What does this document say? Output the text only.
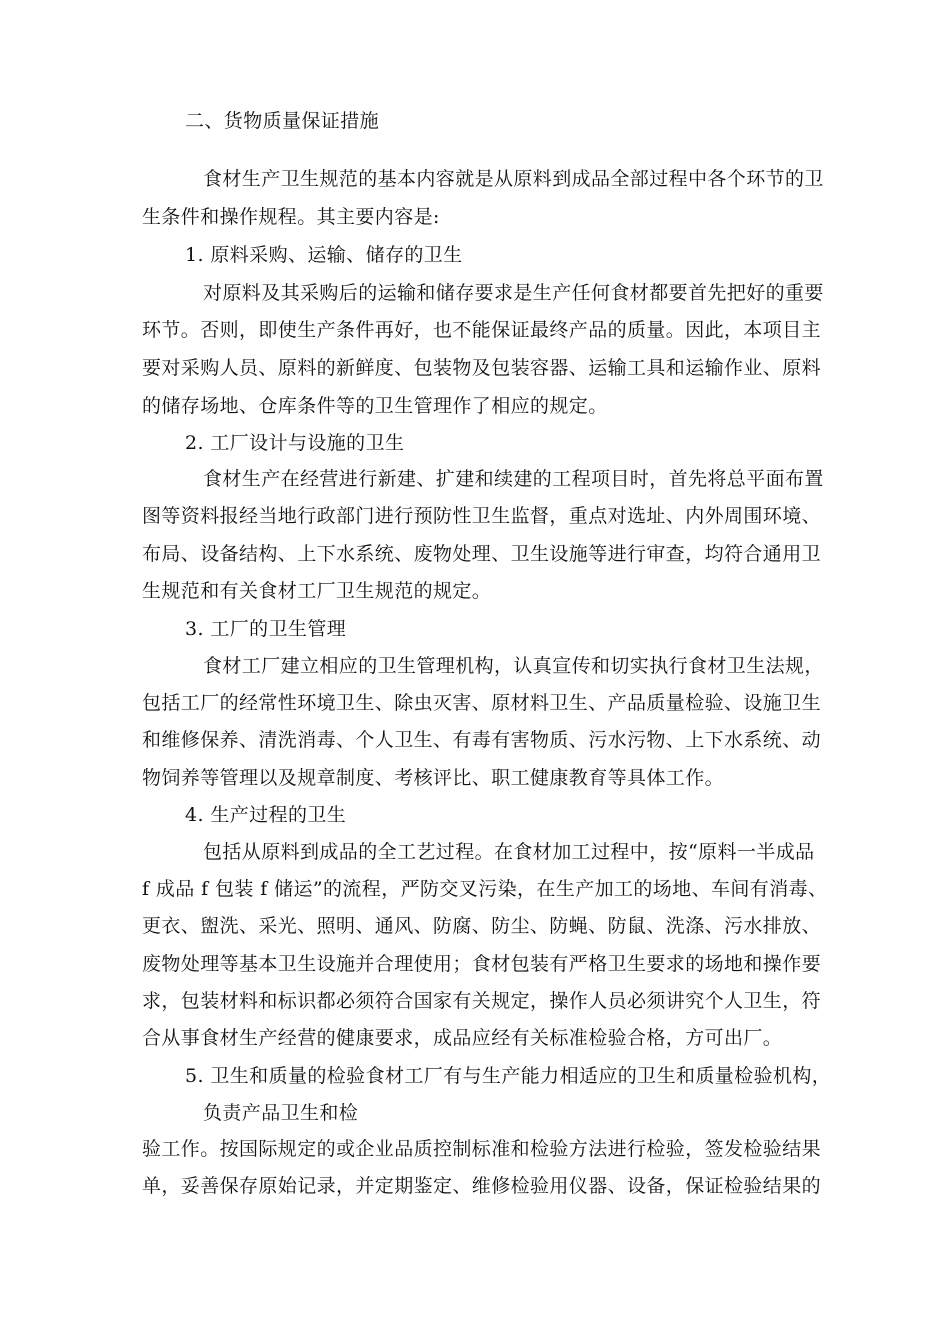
二、货物质量保证措施
食材生产卫生规范的基本内容就是从原料到成品全部过程中各个环节的卫
生条件和操作规程。其主要内容是:
1. 原料采购、运输、储存的卫生
对原料及其采购后的运输和储存要求是生产任何食材都要首先把好的重要
环节。否则，即使生产条件再好，也不能保证最终产品的质量。因此，本项目主
要对采购人员、原料的新鲜度、包装物及包装容器、运输工具和运输作业、原料
的储存场地、仓库条件等的卫生管理作了相应的规定。
2. 工厂设计与设施的卫生
食材生产在经营进行新建、扩建和续建的工程项目时，首先将总平面布置
图等资料报经当地行政部门进行预防性卫生监督，重点对选址、内外周围环境、
布局、设备结构、上下水系统、废物处理、卫生设施等进行审查，均符合通用卫
生规范和有关食材工厂卫生规范的规定。
3. 工厂的卫生管理
食材工厂建立相应的卫生管理机构，认真宣传和切实执行食材卫生法规，
包括工厂的经常性环境卫生、除虫灭害、原材料卫生、产品质量检验、设施卫生
和维修保养、清洗消毒、个人卫生、有毒有害物质、污水污物、上下水系统、动
物饲养等管理以及规章制度、考核评比、职工健康教育等具体工作。
4. 生产过程的卫生
包括从原料到成品的全工艺过程。在食材加工过程中，按“原料一半成品
f 成品 f 包装 f 储运”的流程，严防交叉污染，在生产加工的场地、车间有消毒、
更衣、盥洗、采光、照明、通风、防腐、防尘、防蝇、防鼠、洗涤、污水排放、
废物处理等基本卫生设施并合理使用；食材包装有严格卫生要求的场地和操作要
求，包装材料和标识都必须符合国家有关规定，操作人员必须讲究个人卫生，符
合从事食材生产经营的健康要求，成品应经有关标准检验合格，方可出厂。
5. 卫生和质量的检验食材工厂有与生产能力相适应的卫生和质量检验机构，
负责产品卫生和检
验工作。按国际规定的或企业品质控制标准和检验方法进行检验，签发检验结果
单，妥善保存原始记录，并定期鉴定、维修检验用仪器、设备，保证检验结果的
